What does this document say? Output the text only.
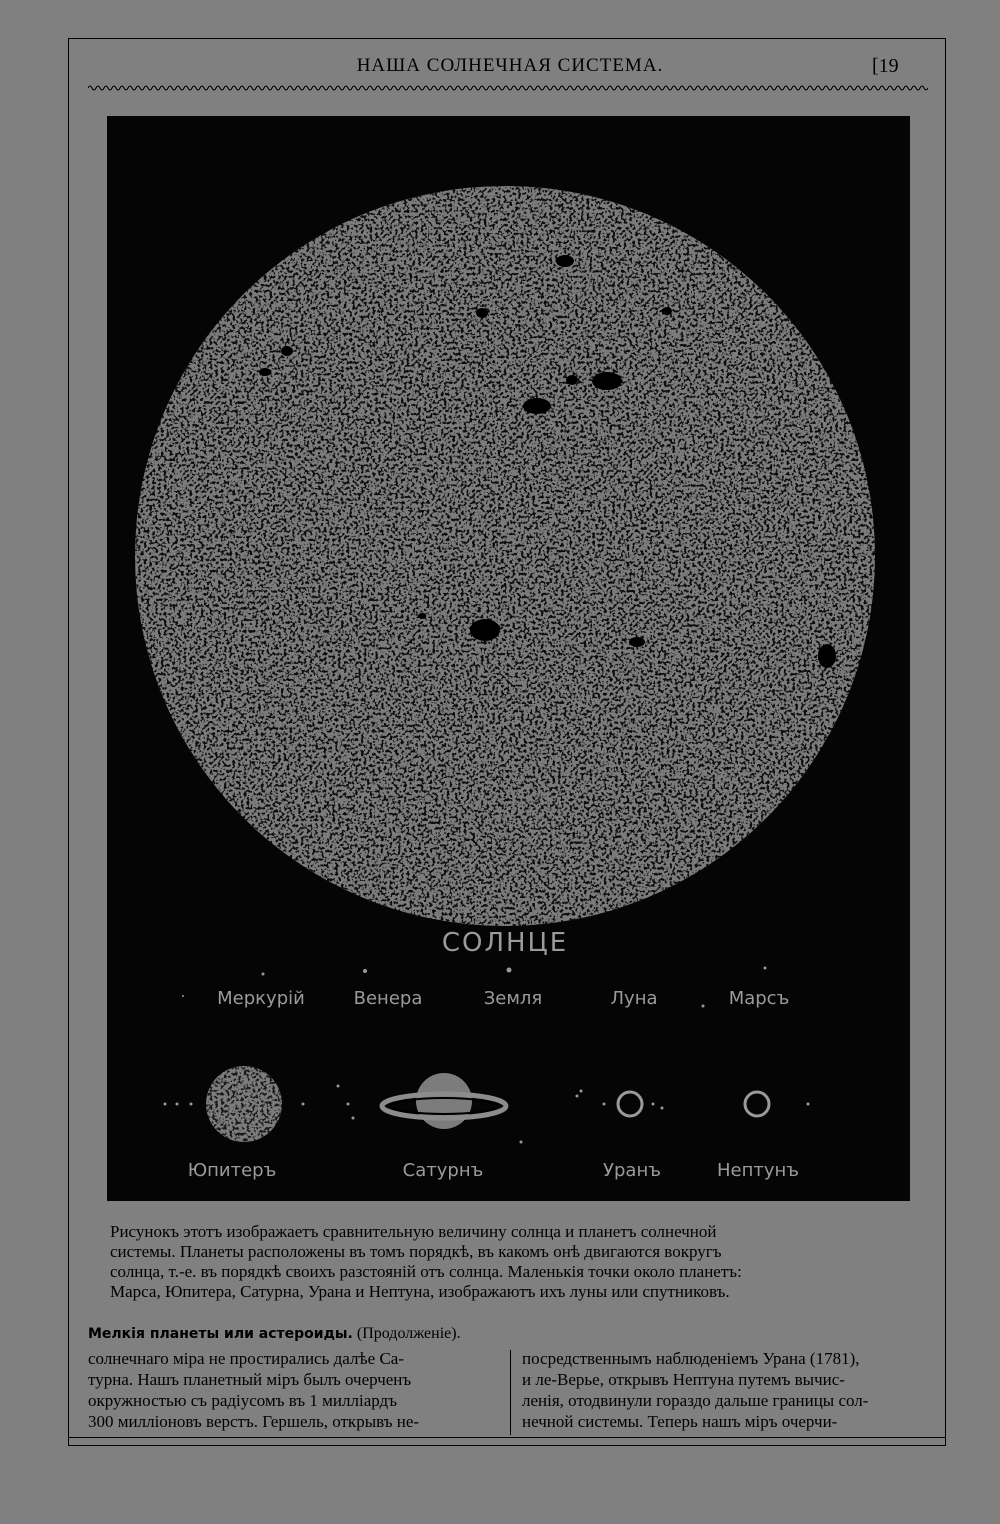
НАША СОЛНЕЧНАЯ СИСТЕМА.	[19
СОЛНЦЕ
Меркурій	Венера	Земля	Луна	Марсъ
Юпитеръ	Сатурнъ	Уранъ	Нептунъ
Рисунокъ этотъ изображаетъ сравнительную величину солнца и планетъ солнечной
системы. Планеты расположены въ томъ порядкѣ, въ какомъ онѣ двигаются вокругъ
солнца, т.-е. въ порядкѣ своихъ разстояній отъ солнца. Маленькія точки около планетъ:
Марса, Юпитера, Сатурна, Урана и Нептуна, изображаютъ ихъ луны или спутниковъ.
Мелкія планеты или астероиды. (Продолженіе).
солнечнаго міра не простирались далѣе Са-
турна. Нашъ планетный міръ былъ очерченъ
окружностью съ радіусомъ въ 1 милліардъ
300 милліоновъ верстъ. Гершель, открывъ не-
посредственнымъ наблюденіемъ Урана (1781),
и ле-Верье, открывъ Нептуна путемъ вычис-
ленія, отодвинули гораздо дальше границы сол-
нечной системы. Теперь нашъ міръ очерчи-
